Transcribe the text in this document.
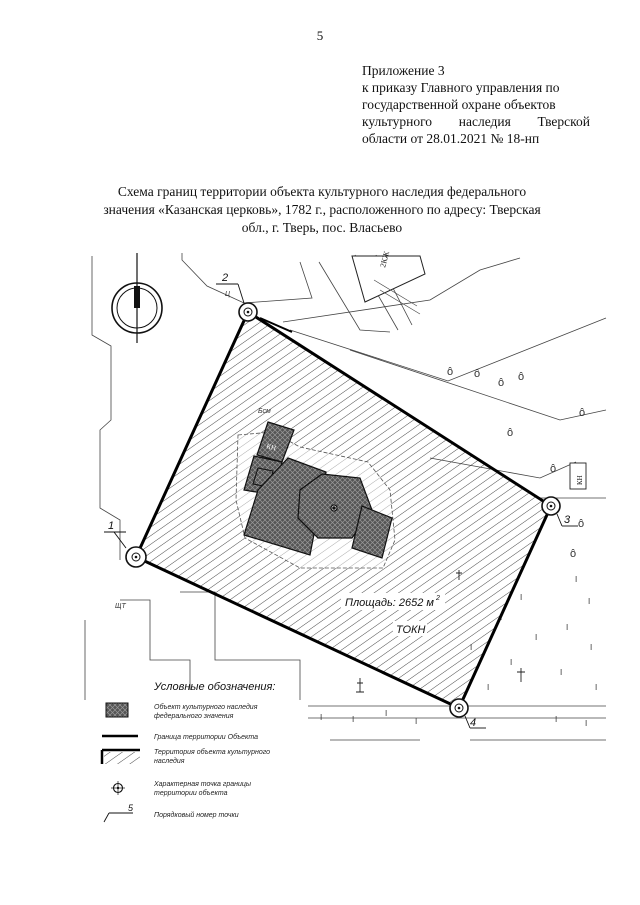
5
Приложение 3
к приказу Главного управления по
государственной охране объектов
культурного наследия Тверской
области от 28.01.2021 № 18-нп
Схема границ территории объекта культурного наследия федерального
значения «Казанская церковь», 1782 г., расположенного по адресу: Тверская
обл., г. Тверь, пос. Власьево
2КЖ
ô ô
ô ô
ô
ô
ô
ô
ô
I
I
I
I
I
I
I
I
I
I
I
I	I
I
I	I	I
КН
Площадь: 2652 м 2
ТОКН
Бсм
ЩТ
Ц
КН
1
2
3
4
Условные обозначения:
Объект культурного наследия
федерального значения
Граница территории Объекта
Территория объекта культурного
наследия
Характерная точка границы
территории объекта
5
Порядковый номер точки
